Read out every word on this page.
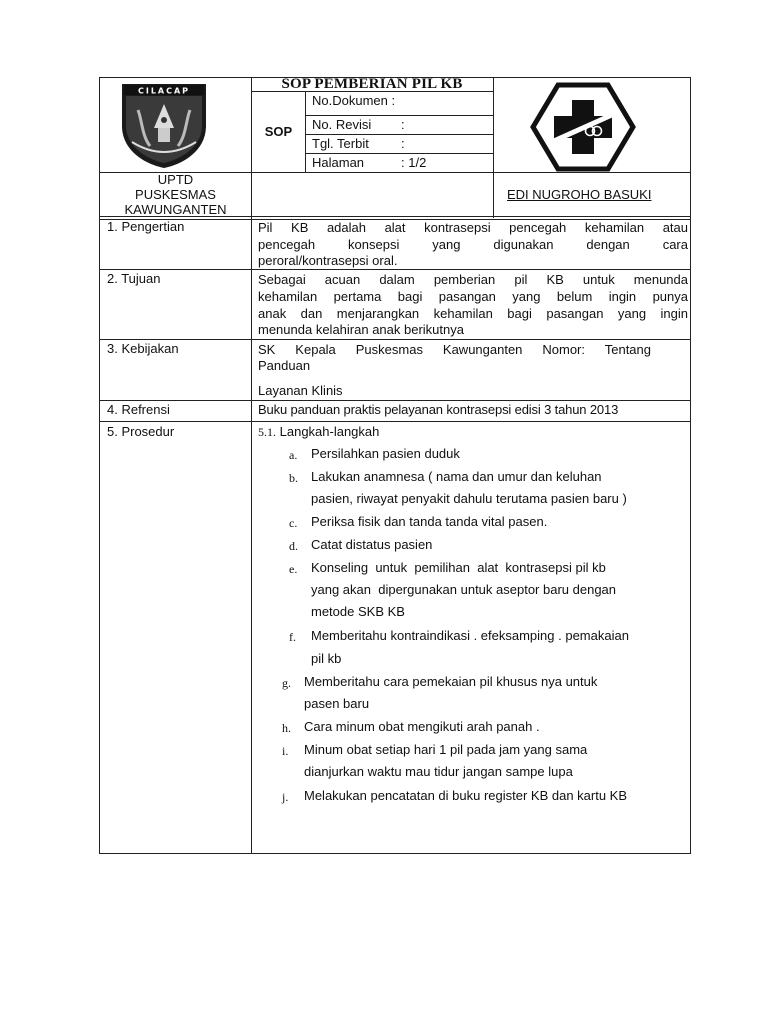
CILACAP	SOP PEMBERIAN PIL KB
SOP
No.Dokumen :
No. Revisi :
Tgl. Terbit :
Halaman	: 1/2
UPTD
PUSKESMAS
KAWUNGANTEN
EDI NUGROHO BASUKI
1. Pengertian	Pil KB adalah alat kontrasepsi pencegah kehamilan atau
pencegah konsepsi yang digunakan dengan cara
peroral/kontrasepsi oral.
2. Tujuan	Sebagai acuan dalam pemberian pil KB untuk menunda
kehamilan pertama bagi pasangan yang belum ingin punya
anak dan menjarangkan kehamilan bagi pasangan yang ingin
menunda kelahiran anak berikutnya
3. Kebijakan	SK Kepala Puskesmas Kawunganten Nomor: Tentang
Panduan
Layanan Klinis
4. Refrensi	Buku panduan praktis pelayanan kontrasepsi edisi 3 tahun 2013
5. Prosedur	5.1. Langkah-langkah
a. Persilahkan pasien duduk
b. Lakukan anamnesa ( nama dan umur dan keluhan
pasien, riwayat penyakit dahulu terutama pasien baru )
c. Periksa fisik dan tanda tanda vital pasen.
d. Catat distatus pasien
e. Konseling  untuk  pemilihan  alat  kontrasepsi pil kb
yang akan  dipergunakan untuk aseptor baru dengan
metode SKB KB
f. Memberitahu kontraindikasi . efeksamping . pemakaian
pil kb
g. Memberitahu cara pemekaian pil khusus nya untuk
pasen baru
h. Cara minum obat mengikuti arah panah .
i. Minum obat setiap hari 1 pil pada jam yang sama
dianjurkan waktu mau tidur jangan sampe lupa
j. Melakukan pencatatan di buku register KB dan kartu KB
